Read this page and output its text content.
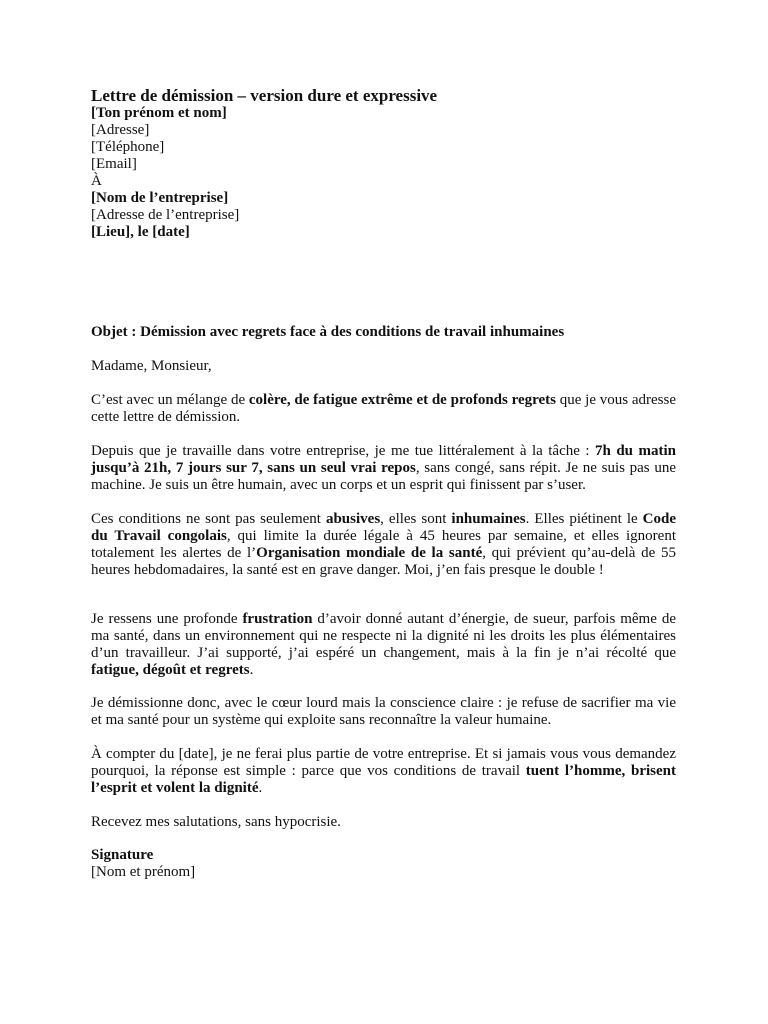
Lettre de démission – version dure et expressive
[Ton prénom et nom]
[Adresse]
[Téléphone]
[Email]
À
[Nom de l’entreprise]
[Adresse de l’entreprise]
[Lieu], le [date]
Objet : Démission avec regrets face à des conditions de travail inhumaines
Madame, Monsieur,
C’est avec un mélange de colère, de fatigue extrême et de profonds regrets que je vous adresse cette lettre de démission.
Depuis que je travaille dans votre entreprise, je me tue littéralement à la tâche : 7h du matin jusqu’à 21h, 7 jours sur 7, sans un seul vrai repos, sans congé, sans répit. Je ne suis pas une machine. Je suis un être humain, avec un corps et un esprit qui finissent par s’user.
Ces conditions ne sont pas seulement abusives, elles sont inhumaines. Elles piétinent le Code du Travail congolais, qui limite la durée légale à 45 heures par semaine, et elles ignorent totalement les alertes de l’Organisation mondiale de la santé, qui prévient qu’au-delà de 55 heures hebdomadaires, la santé est en grave danger. Moi, j’en fais presque le double !
Je ressens une profonde frustration d’avoir donné autant d’énergie, de sueur, parfois même de ma santé, dans un environnement qui ne respecte ni la dignité ni les droits les plus élémentaires d’un travailleur. J’ai supporté, j’ai espéré un changement, mais à la fin je n’ai récolté que fatigue, dégoût et regrets.
Je démissionne donc, avec le cœur lourd mais la conscience claire : je refuse de sacrifier ma vie et ma santé pour un système qui exploite sans reconnaître la valeur humaine.
À compter du [date], je ne ferai plus partie de votre entreprise. Et si jamais vous vous demandez pourquoi, la réponse est simple : parce que vos conditions de travail tuent l’homme, brisent l’esprit et volent la dignité.
Recevez mes salutations, sans hypocrisie.
Signature
[Nom et prénom]
